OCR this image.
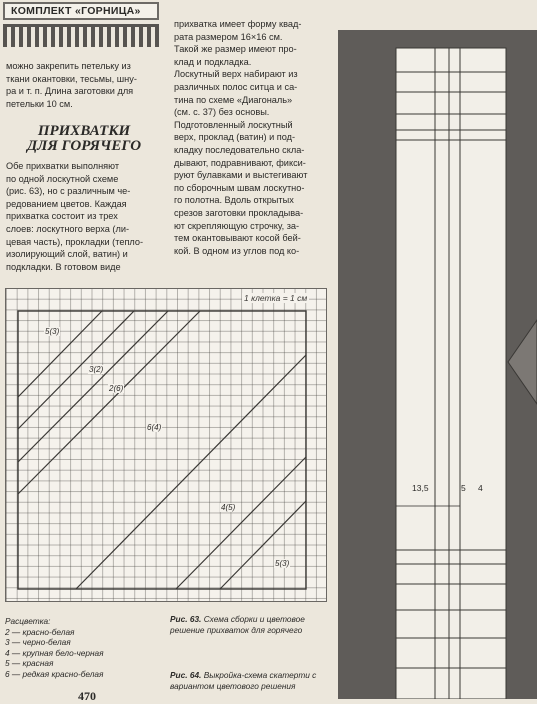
КОМПЛЕКТ «ГОРНИЦА»

можно закрепить петельку из

ткани окантовки, тесьмы, шну-

ра и т. п. Длина заготовки для

петельки 10 см.

ПРИХВАТКИ
ДЛЯ ГОРЯЧЕГО

Обе прихватки выполняют

по одной лоскутной схеме

(рис. 63), но с различным че-

редованием цветов. Каждая

прихватка состоит из трех

слоев: лоскутного верха (ли-

цевая часть), прокладки (тепло-

изолирующий слой, ватин) и

подкладки. В готовом виде

прихватка имеет форму квад-

рата размером 16×16 см.

Такой же размер имеют про-

клад и подкладка.

Лоскутный верх набирают из

различных полос ситца и са-

тина по схеме «Диагональ»

(см. с. 37) без основы.

Подготовленный лоскутный

верх, проклад (ватин) и под-

кладку последовательно скла-

дывают, подравнивают, фикси-

руют булавками и выстегивают

по сборочным швам лоскутно-

го полотна. Вдоль открытых

срезов заготовки прокладыва-

ют скрепляющую строчку, за-

тем окантовывают косой бей-

кой. В одном из углов под ко-

1 клетка = 1 см
5(3)
3(2)
2(6)
6(4)
4(5)
5(3)
Расцветка:
2 — красно-белая
3 — черно-белая
4 — крупная бело-черная
5 — красная
6 — редкая красно-белая
Рис. 63. Схема сборки и цветовое решение прихваток для горячего
Рис. 64. Выкройка-схема скатерти с вариантом цветового решения
470
13,5	5 4
